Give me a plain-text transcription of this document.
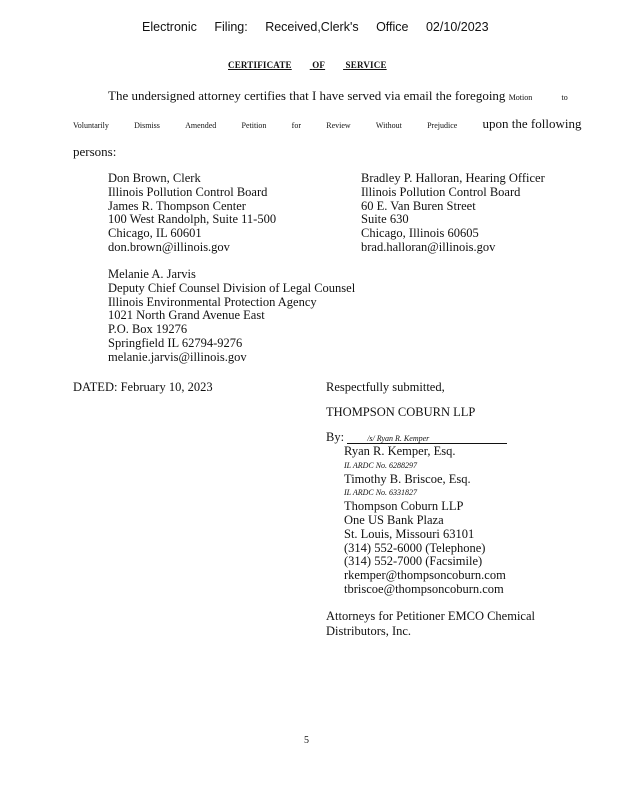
Electronic Filing: Received,Clerk's Office 02/10/2023
CERTIFICATE OF SERVICE
The undersigned attorney certifies that I have served via email the foregoing Motion	to
Voluntarily	Dismiss	Amended	Petition	for	Review	Without	Prejudice upon the following
persons:
Don Brown, Clerk
Illinois Pollution Control Board
James R. Thompson Center
100 West Randolph, Suite 11-500
Chicago, IL 60601
don.brown@illinois.gov
Bradley P. Halloran, Hearing Officer
Illinois Pollution Control Board
60 E. Van Buren Street
Suite 630
Chicago, Illinois 60605
brad.halloran@illinois.gov
Melanie A. Jarvis
Deputy Chief Counsel Division of Legal Counsel
Illinois Environmental Protection Agency
1021 North Grand Avenue East
P.O. Box 19276
Springfield IL 62794-9276
melanie.jarvis@illinois.gov
DATED: February 10, 2023	Respectfully submitted,
THOMPSON COBURN LLP
By:	/s/ Ryan R. Kemper
Ryan R. Kemper, Esq.
IL ARDC No. 6288297
Timothy B. Briscoe, Esq.
IL ARDC No. 6331827
Thompson Coburn LLP
One US Bank Plaza
St. Louis, Missouri 63101
(314) 552-6000 (Telephone)
(314) 552-7000 (Facsimile)
rkemper@thompsoncoburn.com
tbriscoe@thompsoncoburn.com
Attorneys for Petitioner EMCO Chemical
Distributors, Inc.
5
